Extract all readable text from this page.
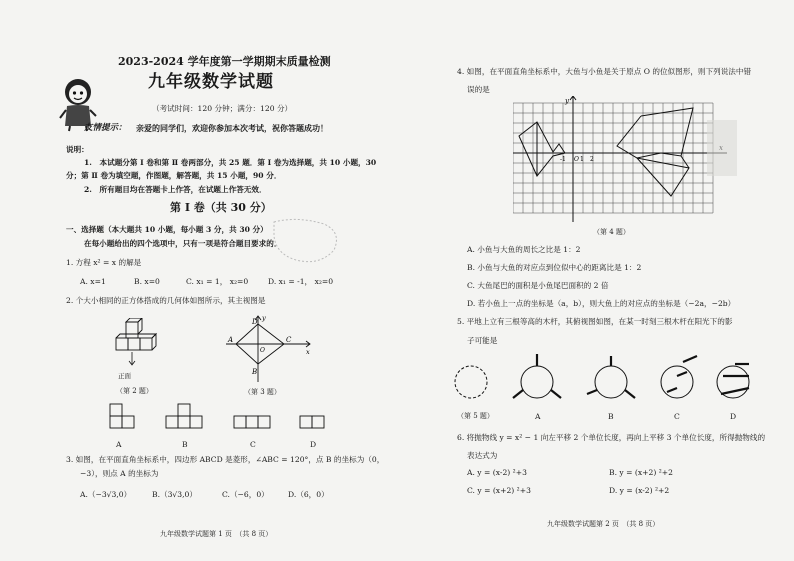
2023-2024 学年度第一学期期末质量检测
九年级数学试题
（考试时间：120 分钟；满分：120 分）
友情提示： 亲爱的同学们，欢迎你参加本次考试，祝你答题成功！
说明：
1.　本试题分第 Ⅰ 卷和第 Ⅱ 卷两部分，共 25 题．第 Ⅰ 卷为选择题，共 10 小题，30
分；第 Ⅱ 卷为填空题，作图题，解答题，共 15 小题，90 分．
2.　所有题目均在答题卡上作答，在试题上作答无效．
第 Ⅰ 卷（共 30 分）
一、选择题（本大题共 10 小题，每小题 3 分，共 30 分）
在每小题给出的四个选项中，只有一项是符合题目要求的．
1. 方程 x² = x 的解是
A. x=1	B. x=0	C. x₁ = 1， x₂=0	D. x₁ = -1， x₂=0
2. 个大小相同的正方体搭成的几何体如图所示，其主视图是
正面
（第 2 题）
A	B	C	D
D
A	C
B
O	x
y
（第 3 题）
3. 如图，在平面直角坐标系中，四边形 ABCD 是菱形，∠ABC = 120°，点 B 的坐标为（0，
−3），则点 A 的坐标为
A.（−3√3,0）	B.（3√3,0）	C.（−6，0）	D.（6，0）
九年级数学试题第 1 页　（共 8 页）
4. 如图，在平面直角坐标系中，大鱼与小鱼是关于原点 O 的位似图形，则下列说法中错
误的是
y
O
-1 1 2
（第 4 题）
A. 小鱼与大鱼的周长之比是 1：2
B. 小鱼与大鱼的对应点到位似中心的距离比是 1：2
C. 大鱼尾巴的面积是小鱼尾巴面积的 2 倍
D. 若小鱼上一点的坐标是（a，b），则大鱼上的对应点的坐标是（−2a，−2b）
5. 平地上立有三根等高的木杆，其俯视图如图，在某一时刻三根木杆在阳光下的影
子可能是
（第 5 题）	A	B	C	D
6. 将抛物线 y = x² − 1 向左平移 2 个单位长度，再向上平移 3 个单位长度，所得抛物线的
表达式为
A. y = (x-2) ²+3	B. y = (x+2) ²+2
C. y = (x+2) ²+3	D. y = (x-2) ²+2
九年级数学试题第 2 页　（共 8 页）
